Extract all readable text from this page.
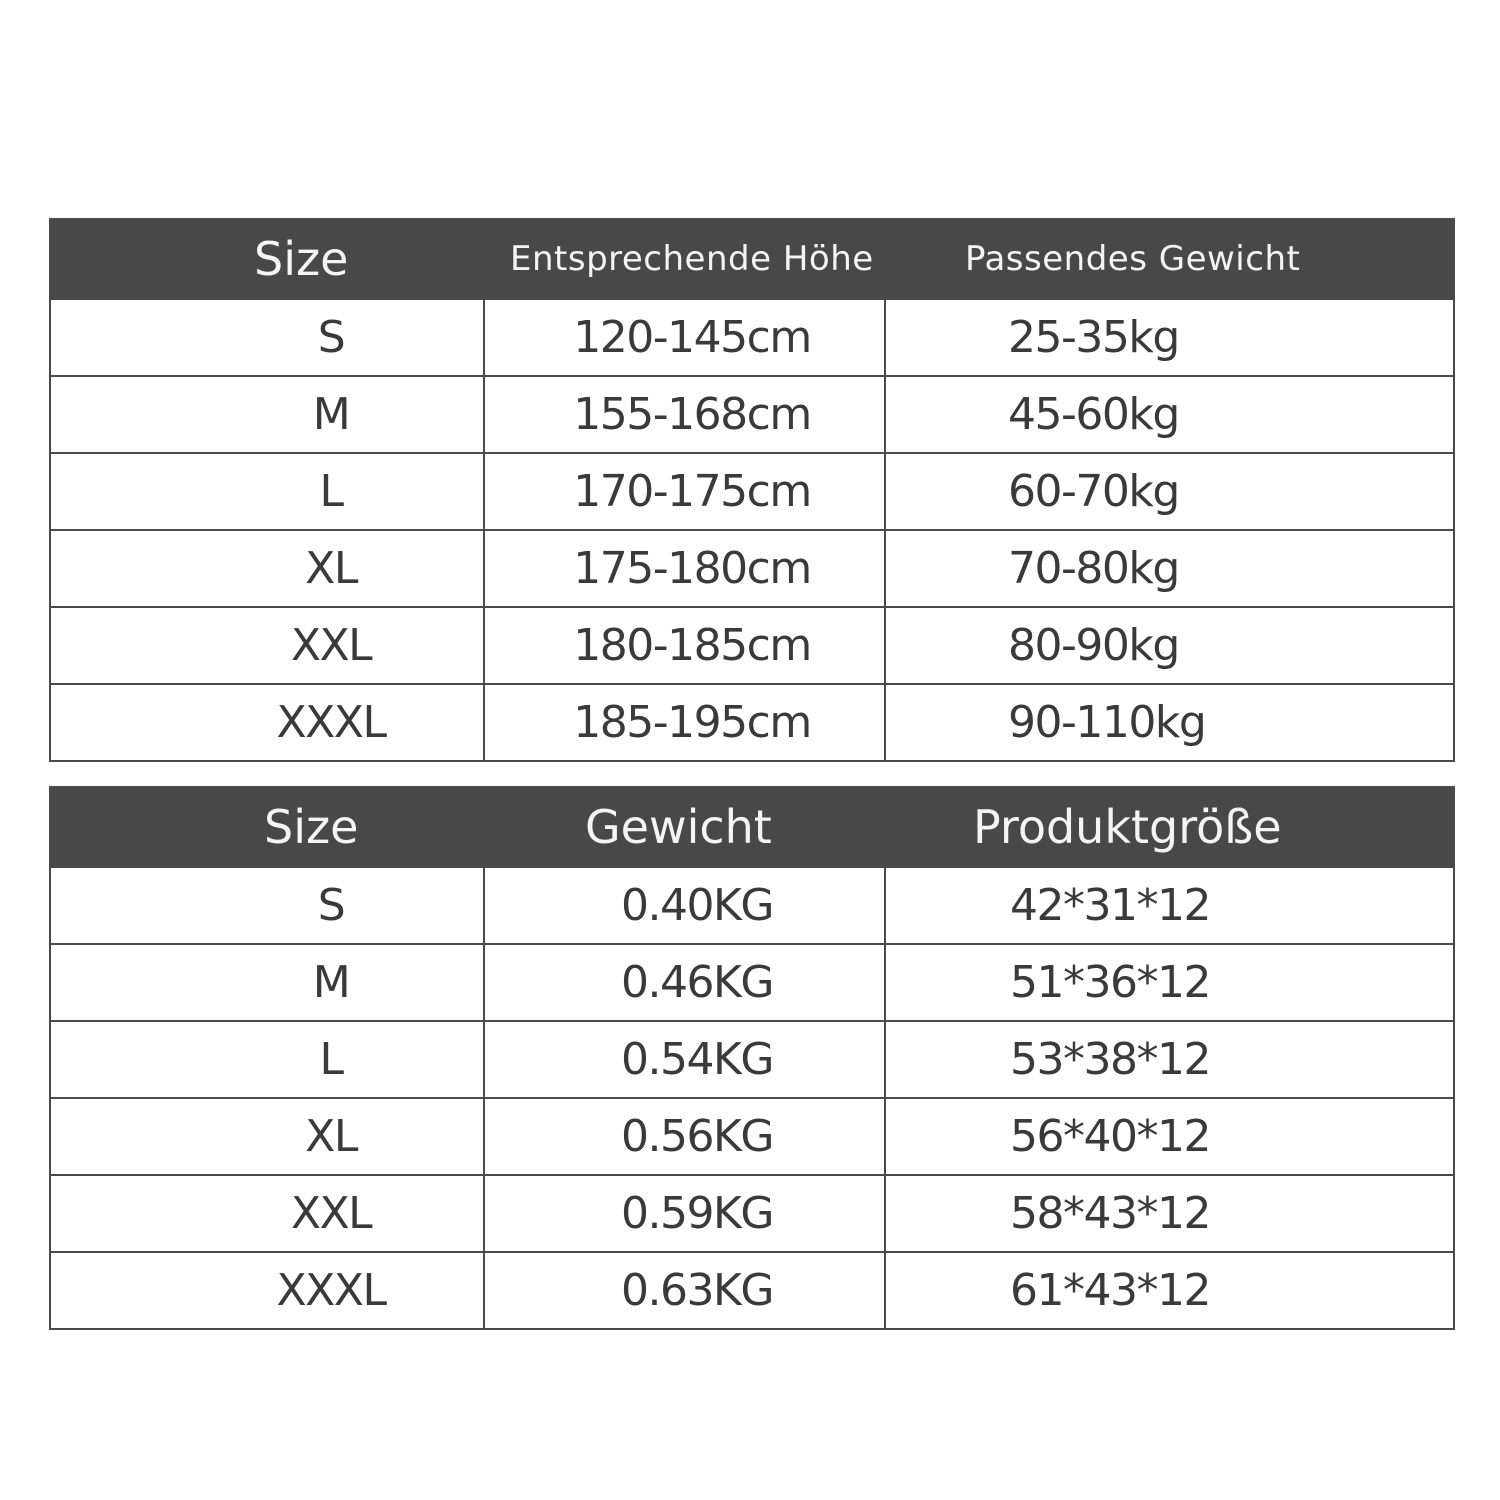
Size	Entsprechende Höhe	Passendes Gewicht
S	120-145cm	25-35kg
M	155-168cm	45-60kg
L	170-175cm	60-70kg
XL	175-180cm	70-80kg
XXL	180-185cm	80-90kg
XXXL	185-195cm	90-110kg
Size	Gewicht	Produktgröße
S	0.40KG	42*31*12
M	0.46KG	51*36*12
L	0.54KG	53*38*12
XL	0.56KG	56*40*12
XXL	0.59KG	58*43*12
XXXL	0.63KG	61*43*12
